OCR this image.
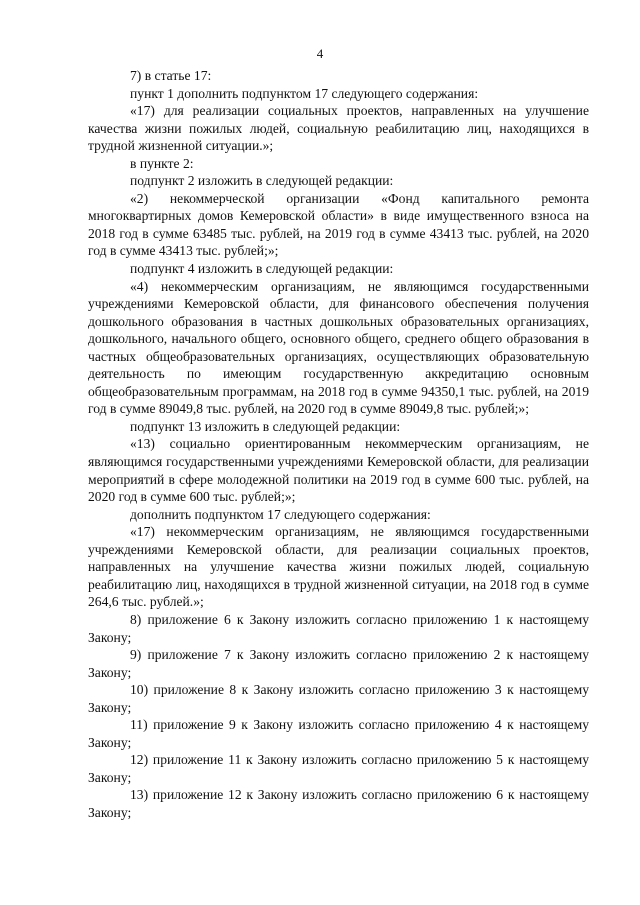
4

7) в статье 17:

пункт 1 дополнить подпунктом 17 следующего содержания:

«17) для реализации социальных проектов, направленных на улучшение качества жизни пожилых людей, социальную реабилитацию лиц, находящихся в трудной жизненной ситуации.»;

в пункте 2:

подпункт 2 изложить в следующей редакции:

«2) некоммерческой организации «Фонд капитального ремонта многоквартирных домов Кемеровской области» в виде имущественного взноса на 2018 год в сумме 63485 тыс. рублей, на 2019 год в сумме 43413 тыс. рублей, на 2020 год в сумме 43413 тыс. рублей;»;

подпункт 4 изложить в следующей редакции:

«4) некоммерческим организациям, не являющимся государственными учреждениями Кемеровской области, для финансового обеспечения получения дошкольного образования в частных дошкольных образовательных организациях, дошкольного, начального общего, основного общего, среднего общего образования в частных общеобразовательных организациях, осуществляющих образовательную деятельность по имеющим государственную аккредитацию основным общеобразовательным программам, на 2018 год в сумме 94350,1 тыс. рублей, на 2019 год в сумме 89049,8 тыс. рублей, на 2020 год в сумме 89049,8 тыс. рублей;»;

подпункт 13 изложить в следующей редакции:

«13) социально ориентированным некоммерческим организациям, не являющимся государственными учреждениями Кемеровской области, для реализации мероприятий в сфере молодежной политики на 2019 год в сумме 600 тыс. рублей, на 2020 год в сумме 600 тыс. рублей;»;

дополнить подпунктом 17 следующего содержания:

«17) некоммерческим организациям, не являющимся государственными учреждениями Кемеровской области, для реализации социальных проектов, направленных на улучшение качества жизни пожилых людей, социальную реабилитацию лиц, находящихся в трудной жизненной ситуации, на 2018 год в сумме 264,6 тыс. рублей.»;

8) приложение 6 к Закону изложить согласно приложению 1 к настоящему Закону;

9) приложение 7 к Закону изложить согласно приложению 2 к настоящему Закону;

10) приложение 8 к Закону изложить согласно приложению 3 к настоящему Закону;

11) приложение 9 к Закону изложить согласно приложению 4 к настоящему Закону;

12) приложение 11 к Закону изложить согласно приложению 5 к настоящему Закону;

13) приложение 12 к Закону изложить согласно приложению 6 к настоящему Закону;
